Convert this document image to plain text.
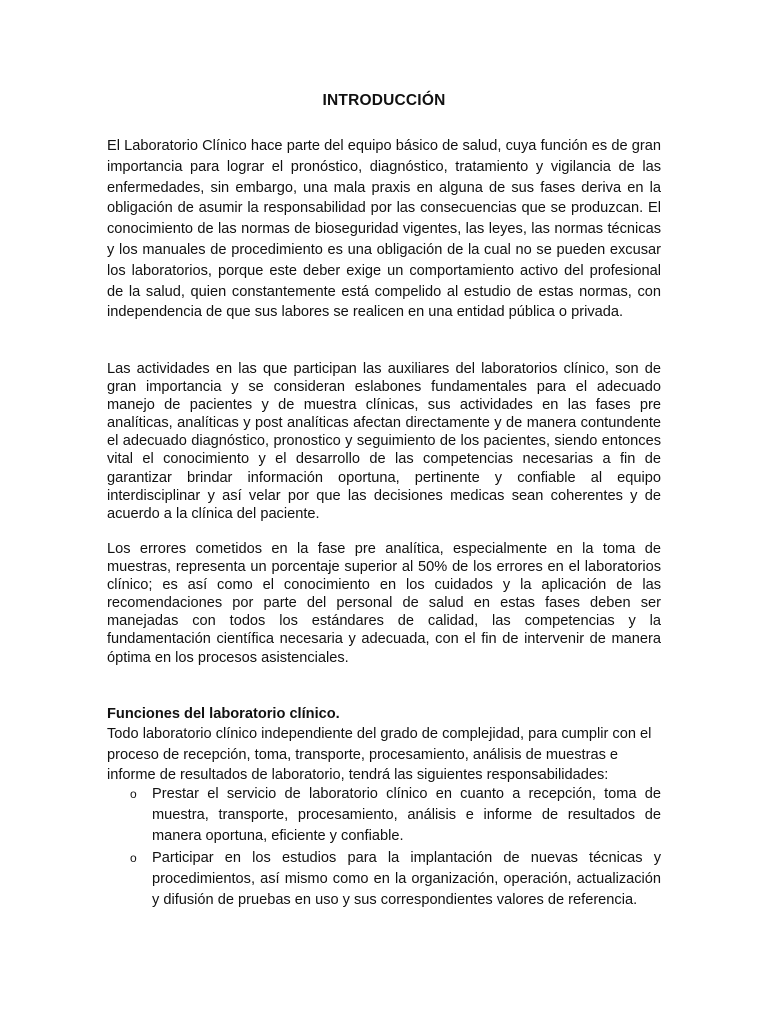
INTRODUCCIÓN

El Laboratorio Clínico hace parte del equipo básico de salud, cuya función es de gran importancia para lograr el pronóstico, diagnóstico, tratamiento y vigilancia de las enfermedades, sin embargo, una mala praxis en alguna de sus fases deriva en la obligación de asumir la responsabilidad por las consecuencias que se produzcan. El conocimiento de las normas de bioseguridad vigentes, las leyes, las normas técnicas y los manuales de procedimiento es una obligación de la cual no se pueden excusar los laboratorios, porque este deber exige un comportamiento activo del profesional de la salud, quien constantemente está compelido al estudio de estas normas, con independencia de que sus labores se realicen en una entidad pública o privada.

Las actividades en las que participan las auxiliares del laboratorios clínico, son de gran importancia y se consideran eslabones fundamentales para el adecuado manejo de pacientes y de muestra clínicas, sus actividades en las fases pre analíticas, analíticas y post analíticas afectan directamente y de manera contundente el adecuado diagnóstico, pronostico y seguimiento de los pacientes, siendo entonces vital el conocimiento y el desarrollo de las competencias necesarias a fin de garantizar brindar información oportuna, pertinente y confiable al equipo interdisciplinar y así velar por que las decisiones medicas sean coherentes y de acuerdo a la clínica del paciente.

Los errores cometidos en la fase pre analítica, especialmente en la toma de muestras, representa un porcentaje superior al 50% de los errores en el laboratorios clínico; es así como el conocimiento en los cuidados y la aplicación de las recomendaciones por parte del personal de salud en estas fases deben ser manejadas con todos los estándares de calidad, las competencias y la fundamentación científica necesaria y adecuada, con el fin de intervenir de manera óptima en los procesos asistenciales.

Funciones del laboratorio clínico.

Todo laboratorio clínico independiente del grado de complejidad, para cumplir con el proceso de recepción, toma, transporte, procesamiento, análisis de muestras e informe de resultados de laboratorio, tendrá las siguientes responsabilidades:

o Prestar el servicio de laboratorio clínico en cuanto a recepción, toma de muestra, transporte, procesamiento, análisis e informe de resultados de manera oportuna, eficiente y confiable.
o Participar en los estudios para la implantación de nuevas técnicas y procedimientos, así mismo como en la organización, operación, actualización y difusión de pruebas en uso y sus correspondientes valores de referencia.
